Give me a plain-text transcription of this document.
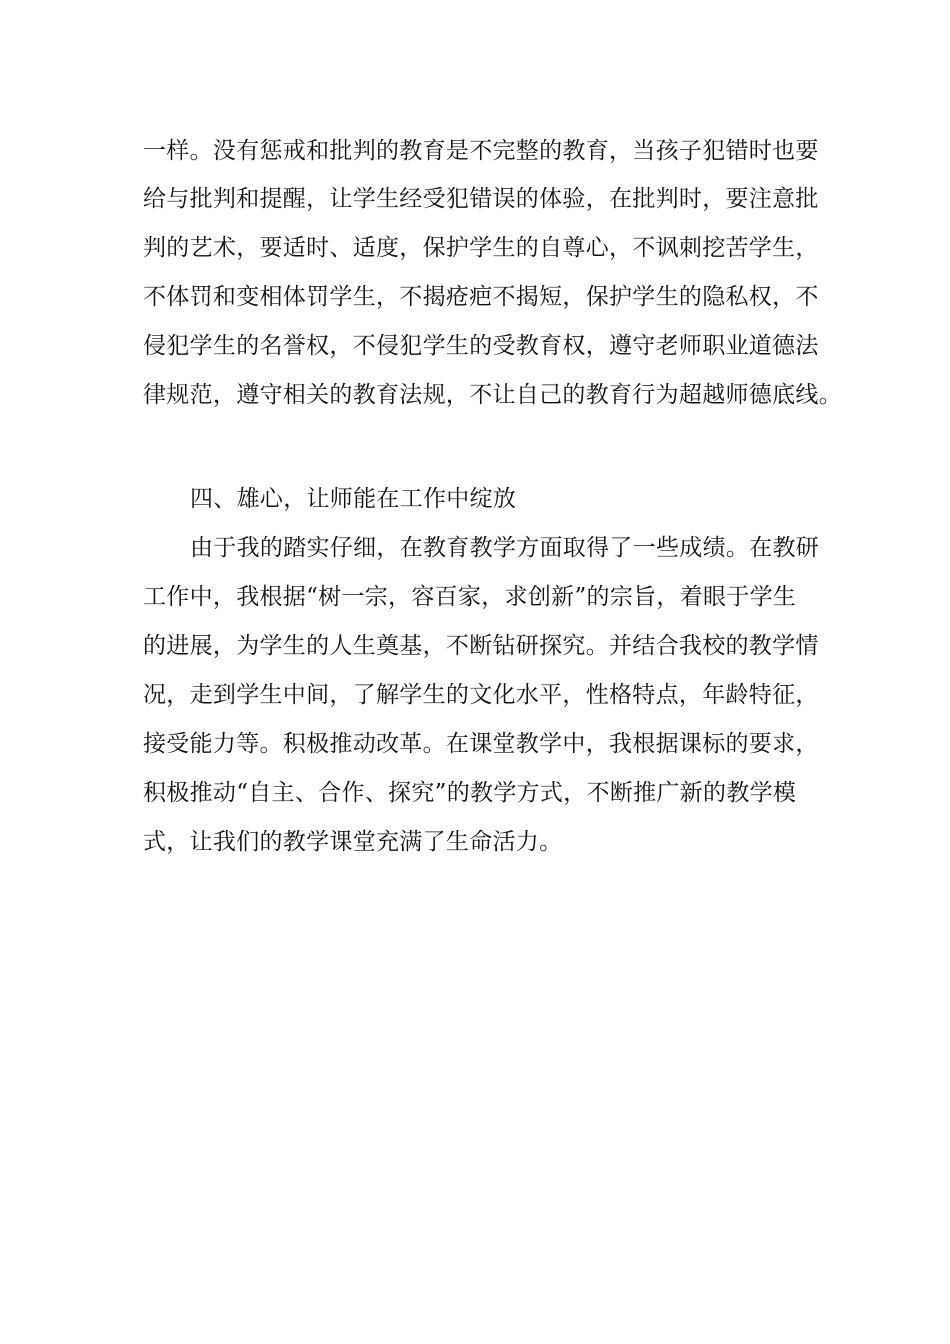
一样。没有惩戒和批判的教育是不完整的教育，当孩子犯错时也要
给与批判和提醒，让学生经受犯错误的体验，在批判时，要注意批
判的艺术，要适时、适度，保护学生的自尊心，不讽刺挖苦学生，
不体罚和变相体罚学生，不揭疮疤不揭短，保护学生的隐私权，不
侵犯学生的名誉权，不侵犯学生的受教育权，遵守老师职业道德法
律规范，遵守相关的教育法规，不让自己的教育行为超越师德底线。
四、雄心，让师能在工作中绽放
由于我的踏实仔细，在教育教学方面取得了一些成绩。在教研
工作中，我根据“树一宗，容百家，求创新”的宗旨，着眼于学生
的进展，为学生的人生奠基，不断钻研探究。并结合我校的教学情
况，走到学生中间，了解学生的文化水平，性格特点，年龄特征，
接受能力等。积极推动改革。在课堂教学中，我根据课标的要求，
积极推动“自主、合作、探究”的教学方式，不断推广新的教学模
式，让我们的教学课堂充满了生命活力。
